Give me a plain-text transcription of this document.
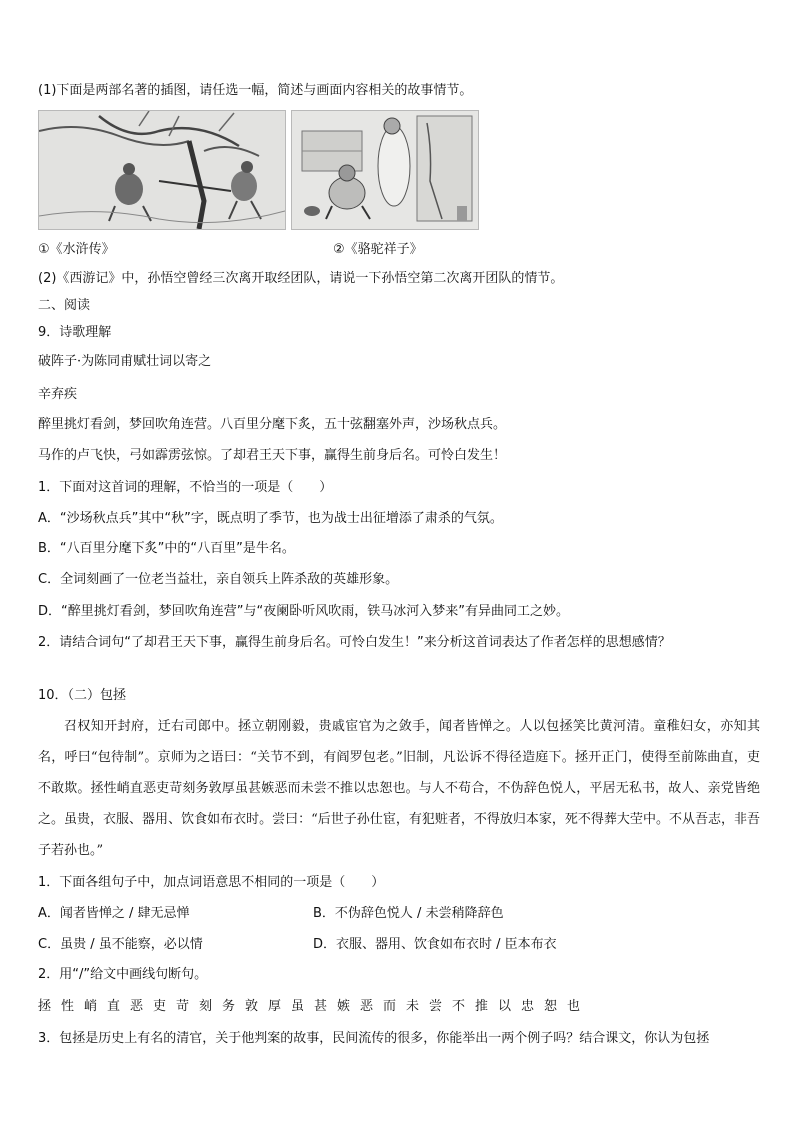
(1)下面是两部名著的插图，请任选一幅，简述与画面内容相关的故事情节。
①《水浒传》	②《骆驼祥子》
(2)《西游记》中，孙悟空曾经三次离开取经团队，请说一下孙悟空第二次离开团队的情节。
二、阅读
9．诗歌理解
破阵子·为陈同甫赋壮词以寄之
辛弃疾
醉里挑灯看剑，梦回吹角连营。八百里分麾下炙，五十弦翻塞外声，沙场秋点兵。
马作的卢飞快，弓如霹雳弦惊。了却君王天下事，赢得生前身后名。可怜白发生！
1．下面对这首词的理解，不恰当的一项是（　　）
A．“沙场秋点兵”其中“秋”字，既点明了季节，也为战士出征增添了肃杀的气氛。
B．“八百里分麾下炙”中的“八百里”是牛名。
C．全词刻画了一位老当益壮，亲自领兵上阵杀敌的英雄形象。
D．“醉里挑灯看剑，梦回吹角连营”与“夜阑卧听风吹雨，铁马冰河入梦来”有异曲同工之妙。
2．请结合词句“了却君王天下事，赢得生前身后名。可怜白发生！”来分析这首词表达了作者怎样的思想感情？
10．（二）包拯
召权知开封府，迁右司郎中。拯立朝刚毅，贵戚宦官为之敛手，闻者皆惮之。人以包拯笑比黄河清。童稚妇女，亦知其名，呼曰“包待制”。京师为之语曰：“关节不到，有阎罗包老。”旧制，凡讼诉不得径造庭下。拯开正门，使得至前陈曲直，吏不敢欺。拯性峭直恶吏苛刻务敦厚虽甚嫉恶而未尝不推以忠恕也。与人不苟合，不伪辞色悦人，平居无私书，故人、亲党皆绝之。虽贵，衣服、器用、饮食如布衣时。尝曰：“后世子孙仕宦，有犯赃者，不得放归本家，死不得葬大茔中。不从吾志，非吾子若孙也。”
1．下面各组句子中，加点词语意思不相同的一项是（　　）
A．闻者皆惮之 / 肆无忌惮	B．不伪辞色悦人 / 未尝稍降辞色
C．虽贵 / 虽不能察，必以情	D．衣服、器用、饮食如布衣时 / 臣本布衣
2．用“/”给文中画线句断句。
拯性峭直恶吏苛刻务敦厚虽甚嫉恶而未尝不推以忠恕也
3．包拯是历史上有名的清官，关于他判案的故事，民间流传的很多，你能举出一两个例子吗？结合课文，你认为包拯
